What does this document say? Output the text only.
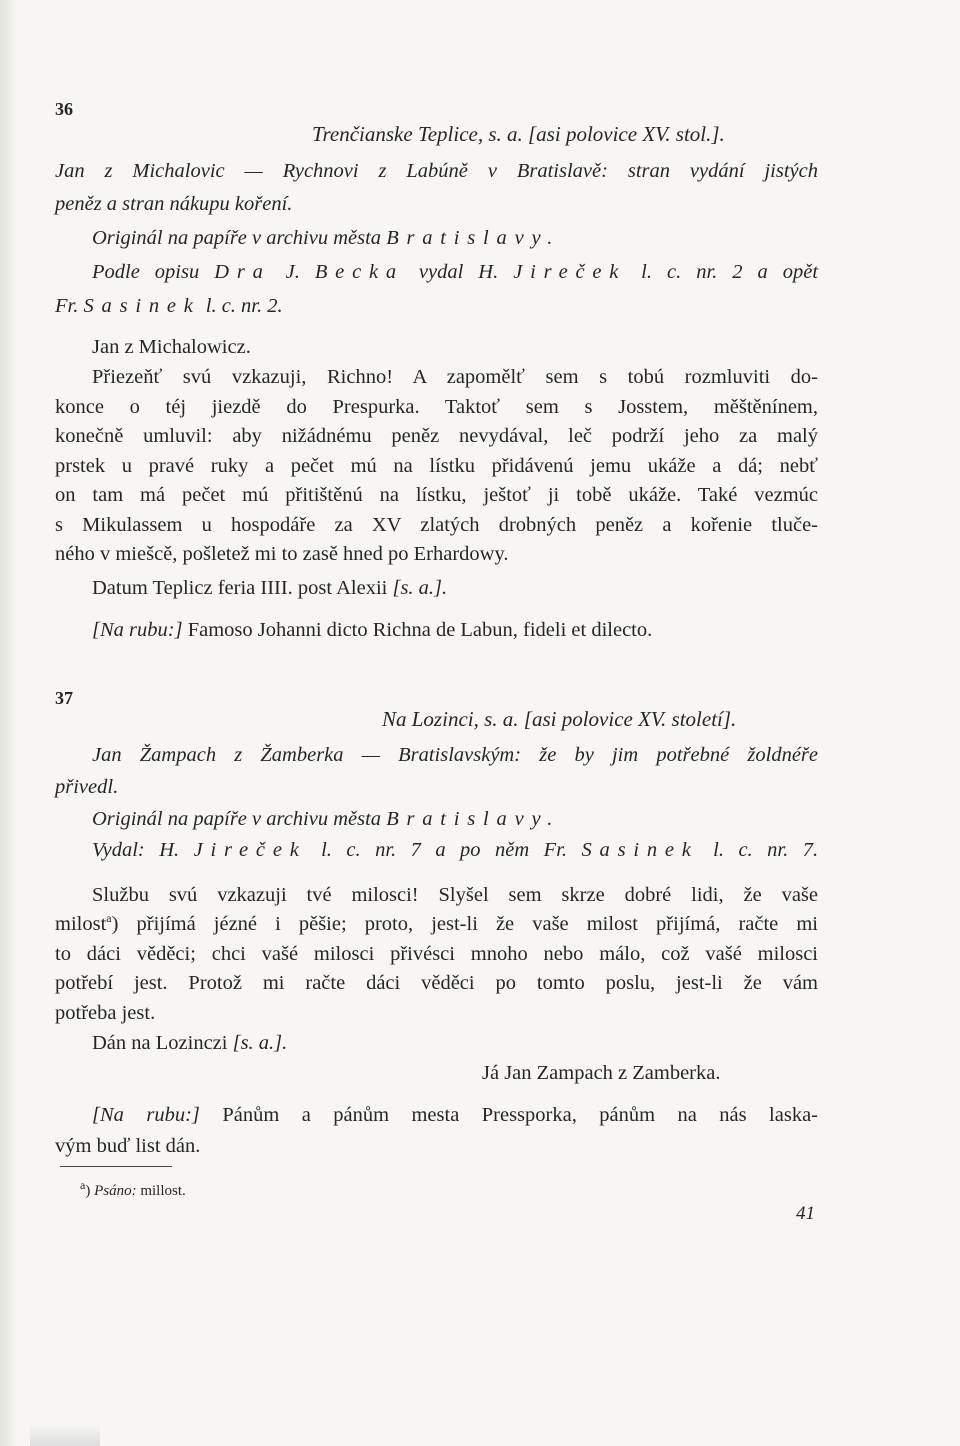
36
Trenčianske Teplice, s. a. [asi polovice XV. stol.].
Jan z Michalovic — Rychnovi z Labúně v Bratislavě: stran vydání jistých
peněz a stran nákupu koření.
Originál na papíře v archivu města Bratislavy.
Podle opisu Dra J. Becka vydal H. Jireček l. c. nr. 2 a opět
Fr. Sasinek l. c. nr. 2.
Jan z Michalowicz.
Přiezeňť svú vzkazuji, Richno! A zapomělť sem s tobú rozmluviti do-
konce o téj jiezdě do Prespurka. Taktoť sem s Josstem, měštěnínem,
konečně umluvil: aby nižádnému peněz nevydával, leč podrží jeho za malý
prstek u pravé ruky a pečet mú na lístku přidávenú jemu ukáže a dá; nebť
on tam má pečet mú přitištěnú na lístku, ještoť ji tobě ukáže. Také vezmúc
s Mikulassem u hospodáře za XV zlatých drobných peněz a kořenie tluče-
ného v miešcě, pošletež mi to zasě hned po Erhardowy.
Datum Teplicz feria IIII. post Alexii [s. a.].
[Na rubu:] Famoso Johanni dicto Richna de Labun, fideli et dilecto.
37
Na Lozinci, s. a. [asi polovice XV. století].
Jan Žampach z Žamberka — Bratislavským: že by jim potřebné žoldnéře
přivedl.
Originál na papíře v archivu města Bratislavy.
Vydal: H. Jireček l. c. nr. 7 a po něm Fr. Sasinek l. c. nr. 7.
Službu svú vzkazuji tvé milosci! Slyšel sem skrze dobré lidi, že vaše
milost$^a$) přijímá jézné i pěšie; proto, jest-li že vaše milost přijímá, račte mi
to dáci věděci; chci vašé milosci přivésci mnoho nebo málo, což vašé milosci
potřebí jest. Protož mi račte dáci věděci po tomto poslu, jest-li že vám
potřeba jest.
Dán na Lozinczi [s. a.].
Já Jan Zampach z Zamberka.
[Na rubu:] Pánům a pánům mesta Pressporka, pánům na nás laska-
vým buď list dán.
$^a$) Psáno: millost.
41
